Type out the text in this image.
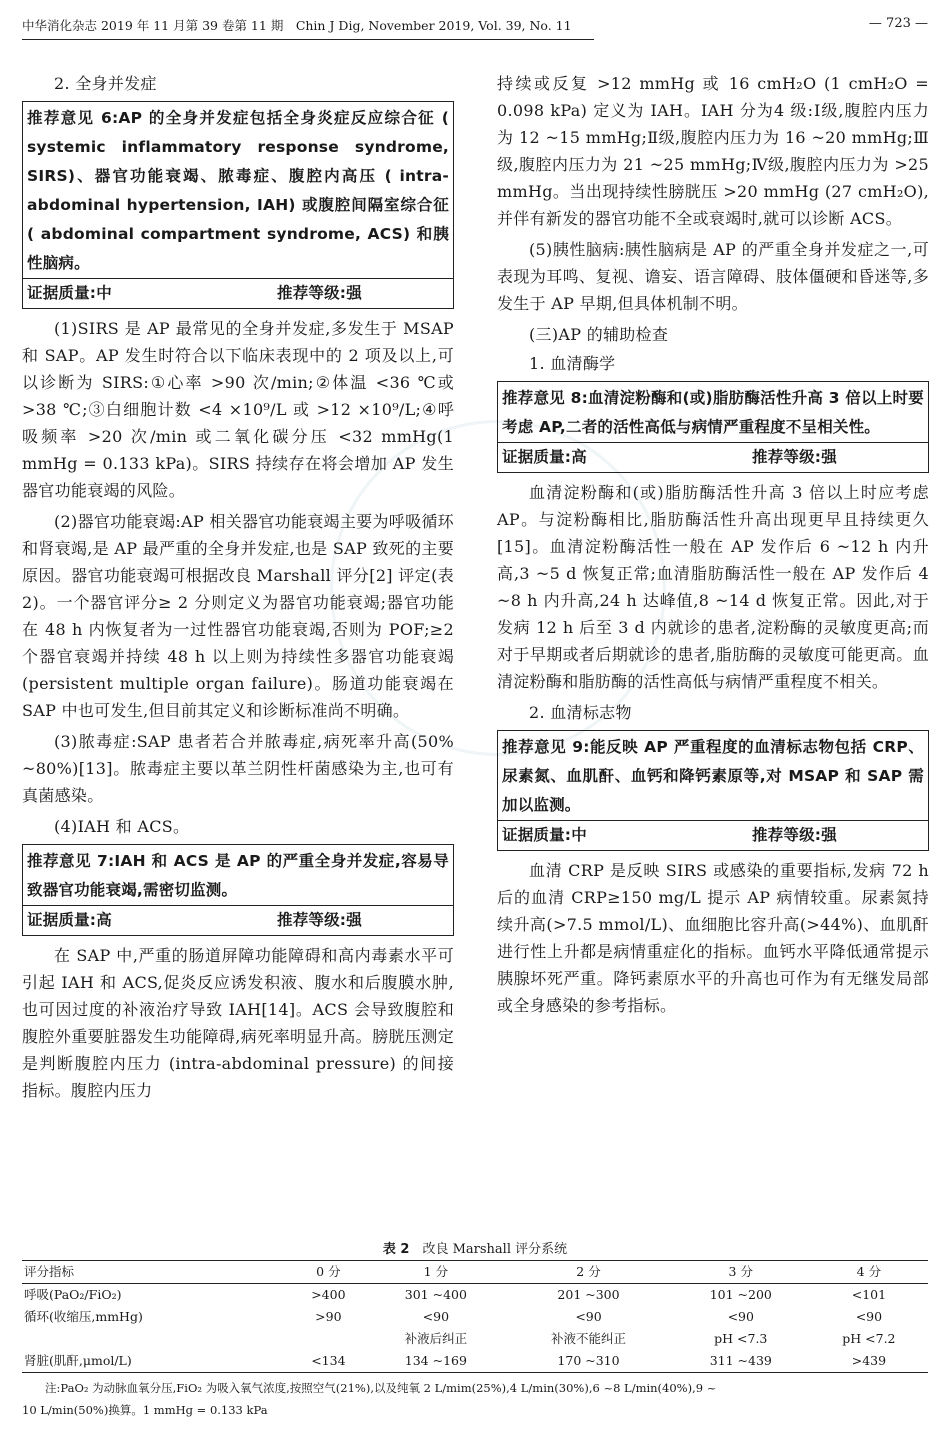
中华消化杂志 2019 年 11 月第 39 卷第 11 期　Chin J Dig, November 2019, Vol. 39, No. 11	— 723 —
2. 全身并发症
推荐意见 6:AP 的全身并发症包括全身炎症反应综合征 ( systemic inflammatory response syndrome, SIRS)、器官功能衰竭、脓毒症、腹腔内高压 ( intra-abdominal hypertension, IAH) 或腹腔间隔室综合征 ( abdominal compartment syndrome, ACS) 和胰性脑病。
证据质量:中	推荐等级:强

(1)SIRS 是 AP 最常见的全身并发症,多发生于 MSAP 和 SAP。AP 发生时符合以下临床表现中的 2 项及以上,可以诊断为 SIRS:①心率 >90 次/min;②体温 <36 ℃或 >38 ℃;③白细胞计数 <4 ×10⁹/L 或 >12 ×10⁹/L;④呼吸频率 >20 次/min 或二氧化碳分压 <32 mmHg(1 mmHg = 0.133 kPa)。SIRS 持续存在将会增加 AP 发生器官功能衰竭的风险。

(2)器官功能衰竭:AP 相关器官功能衰竭主要为呼吸循环和肾衰竭,是 AP 最严重的全身并发症,也是 SAP 致死的主要原因。器官功能衰竭可根据改良 Marshall 评分[2] 评定(表 2)。一个器官评分≥ 2 分则定义为器官功能衰竭;器官功能在 48 h 内恢复者为一过性器官功能衰竭,否则为 POF;≥2 个器官衰竭并持续 48 h 以上则为持续性多器官功能衰竭 (persistent multiple organ failure)。肠道功能衰竭在 SAP 中也可发生,但目前其定义和诊断标准尚不明确。

(3)脓毒症:SAP 患者若合并脓毒症,病死率升高(50% ~80%)[13]。脓毒症主要以革兰阴性杆菌感染为主,也可有真菌感染。

(4)IAH 和 ACS。

推荐意见 7:IAH 和 ACS 是 AP 的严重全身并发症,容易导致器官功能衰竭,需密切监测。
证据质量:高	推荐等级:强

在 SAP 中,严重的肠道屏障功能障碍和高内毒素水平可引起 IAH 和 ACS,促炎反应诱发积液、腹水和后腹膜水肿,也可因过度的补液治疗导致 IAH[14]。ACS 会导致腹腔和腹腔外重要脏器发生功能障碍,病死率明显升高。膀胱压测定是判断腹腔内压力 (intra-abdominal pressure) 的间接指标。腹腔内压力

持续或反复 >12 mmHg 或 16 cmH₂O (1 cmH₂O = 0.098 kPa) 定义为 IAH。IAH 分为4 级:Ⅰ级,腹腔内压力为 12 ~15 mmHg;Ⅱ级,腹腔内压力为 16 ~20 mmHg;Ⅲ级,腹腔内压力为 21 ~25 mmHg;Ⅳ级,腹腔内压力为 >25 mmHg。当出现持续性膀胱压 >20 mmHg (27 cmH₂O),并伴有新发的器官功能不全或衰竭时,就可以诊断 ACS。

(5)胰性脑病:胰性脑病是 AP 的严重全身并发症之一,可表现为耳鸣、复视、谵妄、语言障碍、肢体僵硬和昏迷等,多发生于 AP 早期,但具体机制不明。

(三)AP 的辅助检查
1. 血清酶学
推荐意见 8:血清淀粉酶和(或)脂肪酶活性升高 3 倍以上时要考虑 AP,二者的活性高低与病情严重程度不呈相关性。
证据质量:高	推荐等级:强

血清淀粉酶和(或)脂肪酶活性升高 3 倍以上时应考虑 AP。与淀粉酶相比,脂肪酶活性升高出现更早且持续更久[15]。血清淀粉酶活性一般在 AP 发作后 6 ~12 h 内升高,3 ~5 d 恢复正常;血清脂肪酶活性一般在 AP 发作后 4 ~8 h 内升高,24 h 达峰值,8 ~14 d 恢复正常。因此,对于发病 12 h 后至 3 d 内就诊的患者,淀粉酶的灵敏度更高;而对于早期或者后期就诊的患者,脂肪酶的灵敏度可能更高。血清淀粉酶和脂肪酶的活性高低与病情严重程度不相关。

2. 血清标志物
推荐意见 9:能反映 AP 严重程度的血清标志物包括 CRP、尿素氮、血肌酐、血钙和降钙素原等,对 MSAP 和 SAP 需加以监测。
证据质量:中	推荐等级:强

血清 CRP 是反映 SIRS 或感染的重要指标,发病 72 h 后的血清 CRP≥150 mg/L 提示 AP 病情较重。尿素氮持续升高(>7.5 mmol/L)、血细胞比容升高(>44%)、血肌酐进行性上升都是病情重症化的指标。血钙水平降低通常提示胰腺坏死严重。降钙素原水平的升高也可作为有无继发局部或全身感染的参考指标。

表 2　 改良 Marshall 评分系统
评分指标	0 分	1 分	2 分	3 分	4 分
呼吸(PaO₂/FiO₂)	>400	301 ~400	201 ~300	101 ~200	<101
循环(收缩压,mmHg)	>90	<90	<90	<90	<90
		补液后纠正	补液不能纠正	pH <7.3	pH <7.2
肾脏(肌酐,μmol/L)	<134	134 ~169	170 ~310	311 ~439	>439
注:PaO₂ 为动脉血氧分压,FiO₂ 为吸入氧气浓度,按照空气(21%),以及纯氧 2 L/mim(25%),4 L/min(30%),6 ~8 L/min(40%),9 ~
10 L/min(50%)换算。1 mmHg = 0.133 kPa
